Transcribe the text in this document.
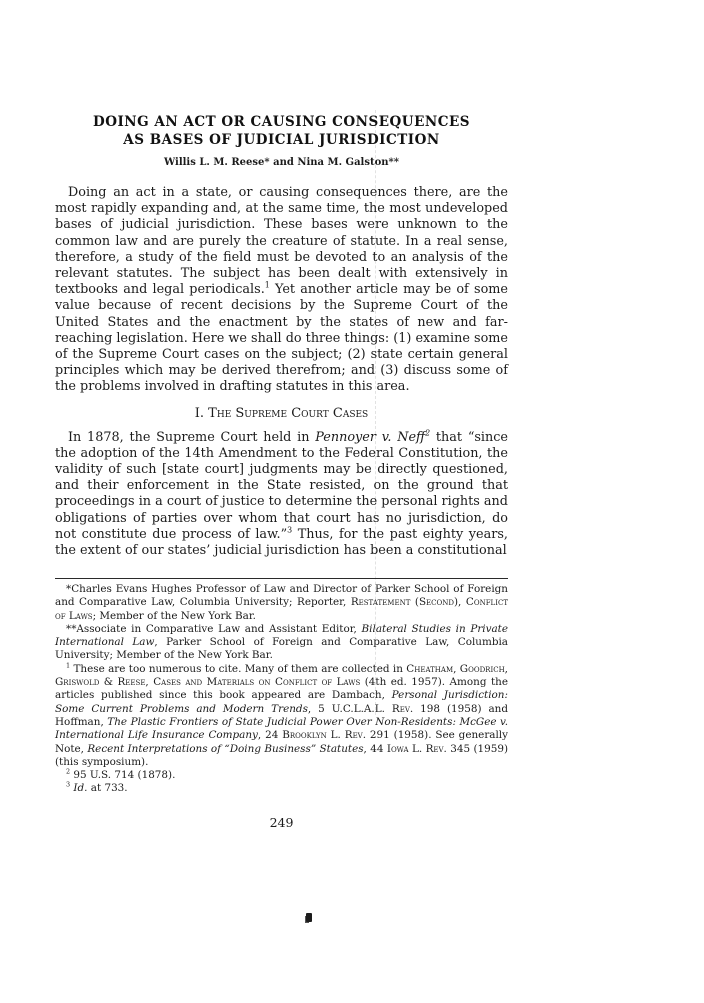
DOING AN ACT OR CAUSING CONSEQUENCES
AS BASES OF JUDICIAL JURISDICTION
Willis L. M. Reese* and Nina M. Galston**

Doing an act in a state, or causing consequences there, are the most rapidly expanding and, at the same time, the most undeveloped bases of judicial jurisdiction. These bases were unknown to the common law and are purely the creature of statute. In a real sense, therefore, a study of the field must be devoted to an analysis of the relevant statutes. The subject has been dealt with extensively in textbooks and legal periodicals.$^1$ Yet another article may be of some value because of recent decisions by the Supreme Court of the United States and the enactment by the states of new and far-reaching legislation. Here we shall do three things: (1) examine some of the Supreme Court cases on the subject; (2) state certain general principles which may be derived therefrom; and (3) discuss some of the problems involved in drafting statutes in this area.

I. The Supreme Court Cases

In 1878, the Supreme Court held in Pennoyer v. Neff$^2$ that “since the adoption of the 14th Amendment to the Federal Constitution, the validity of such [state court] judgments may be directly questioned, and their enforcement in the State resisted, on the ground that proceedings in a court of justice to determine the personal rights and obligations of parties over whom that court has no jurisdiction, do not constitute due process of law.”$^3$ Thus, for the past eighty years, the extent of our states’ judicial jurisdiction has been a constitutional

*Charles Evans Hughes Professor of Law and Director of Parker School of Foreign and Comparative Law, Columbia University; Reporter, Restatement (Second), Conflict of Laws; Member of the New York Bar.

**Associate in Comparative Law and Assistant Editor, Bilateral Studies in Private International Law, Parker School of Foreign and Comparative Law, Columbia University; Member of the New York Bar.

$^1$ These are too numerous to cite. Many of them are collected in Cheatham, Goodrich, Griswold & Reese, Cases and Materials on Conflict of Laws (4th ed. 1957). Among the articles published since this book appeared are Dambach, Personal Jurisdiction: Some Current Problems and Modern Trends, 5 U.C.L.A.L. Rev. 198 (1958) and Hoffman, The Plastic Frontiers of State Judicial Power Over Non-Residents: McGee v. International Life Insurance Company, 24 Brooklyn L. Rev. 291 (1958). See generally Note, Recent Interpretations of “Doing Business” Statutes, 44 Iowa L. Rev. 345 (1959) (this symposium).

$^2$ 95 U.S. 714 (1878).

$^3$ Id. at 733.

249
